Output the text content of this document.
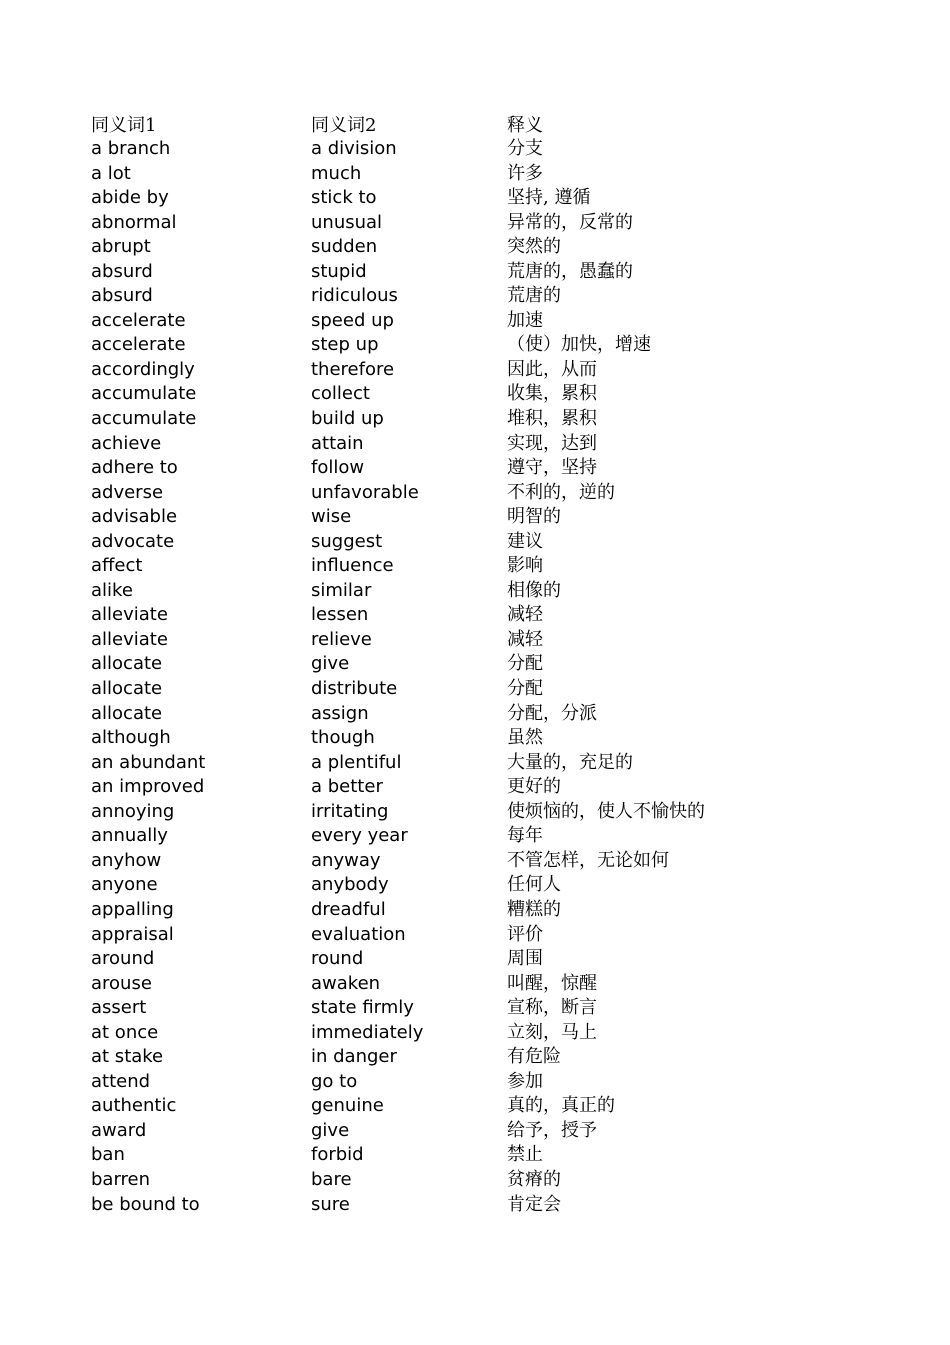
同义词1	同义词2	释义
a branch	a division	分支
a lot	much	许多
abide by	stick to	坚持, 遵循
abnormal	unusual	异常的，反常的
abrupt	sudden	突然的
absurd	stupid	荒唐的，愚蠢的
absurd	ridiculous	荒唐的
accelerate	speed up	加速
accelerate	step up	（使）加快，增速
accordingly	therefore	因此，从而
accumulate	collect	收集，累积
accumulate	build up	堆积，累积
achieve	attain	实现，达到
adhere to	follow	遵守，坚持
adverse	unfavorable	不利的，逆的
advisable	wise	明智的
advocate	suggest	建议
affect	influence	影响
alike	similar	相像的
alleviate	lessen	减轻
alleviate	relieve	减轻
allocate	give	分配
allocate	distribute	分配
allocate	assign	分配，分派
although	though	虽然
an abundant	a plentiful	大量的，充足的
an improved	a better	更好的
annoying	irritating	使烦恼的，使人不愉快的
annually	every year	每年
anyhow	anyway	不管怎样，无论如何
anyone	anybody	任何人
appalling	dreadful	糟糕的
appraisal	evaluation	评价
around	round	周围
arouse	awaken	叫醒，惊醒
assert	state firmly	宣称，断言
at once	immediately	立刻，马上
at stake	in danger	有危险
attend	go to	参加
authentic	genuine	真的，真正的
award	give	给予，授予
ban	forbid	禁止
barren	bare	贫瘠的
be bound to	sure	肯定会
